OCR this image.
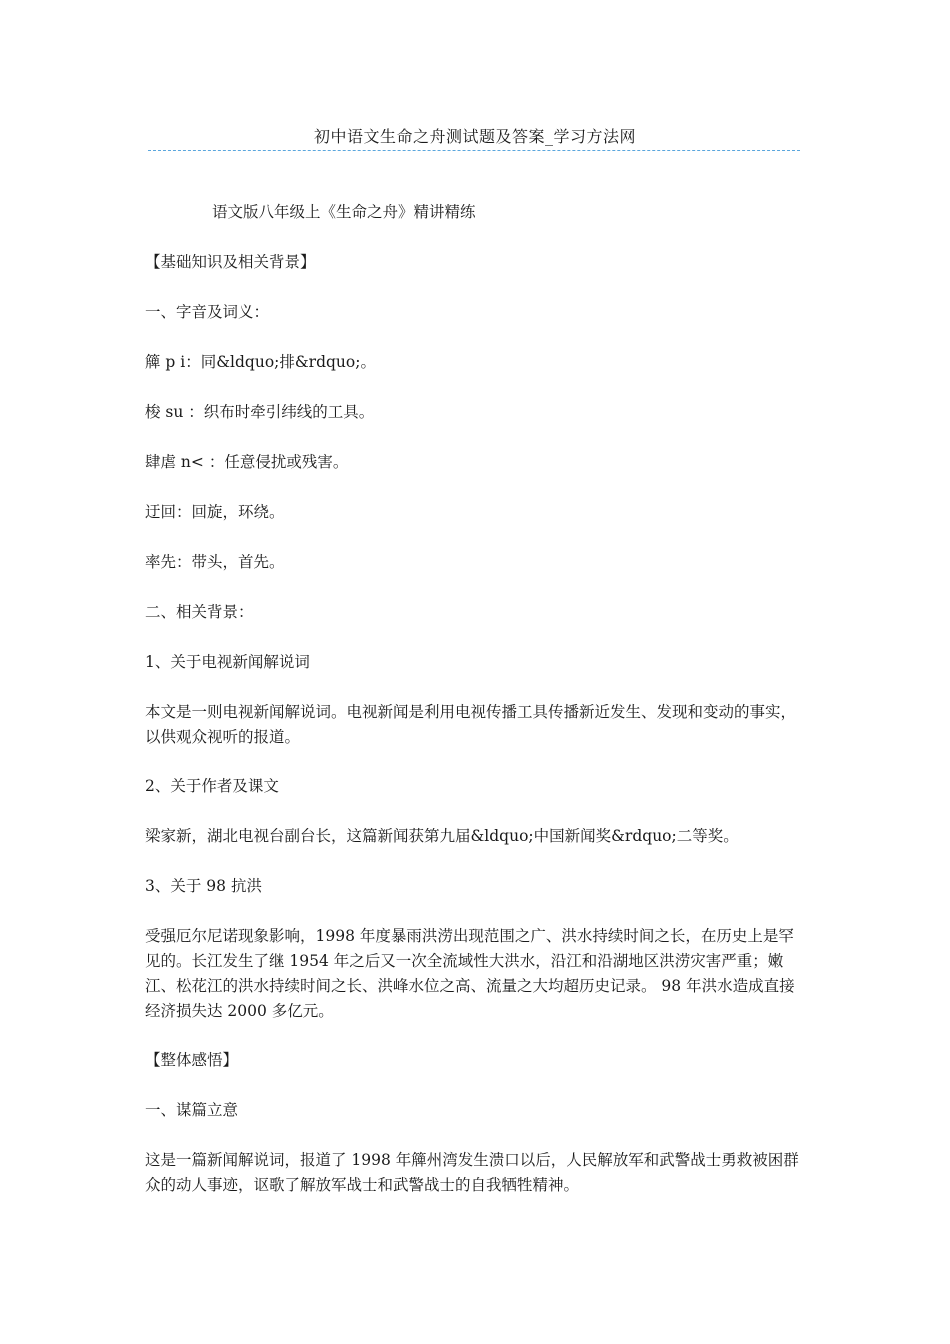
初中语文生命之舟测试题及答案_学习方法网

语文版八年级上《生命之舟》精讲精练

【基础知识及相关背景】

一、字音及词义：

簰 p i：同&ldquo;排&rdquo;。

梭 su ：织布时牵引纬线的工具。

肆虐 n< ：任意侵扰或残害。

迂回：回旋，环绕。

率先：带头，首先。

二、相关背景：

1、关于电视新闻解说词

本文是一则电视新闻解说词。电视新闻是利用电视传播工具传播新近发生、发现和变动的事实，以供观众视听的报道。

2、关于作者及课文

梁家新，湖北电视台副台长，这篇新闻获第九届&ldquo;中国新闻奖&rdquo;二等奖。

3、关于 98 抗洪

受强厄尔尼诺现象影响，1998 年度暴雨洪涝出现范围之广、洪水持续时间之长，在历史上是罕见的。长江发生了继 1954 年之后又一次全流域性大洪水，沿江和沿湖地区洪涝灾害严重；嫩江、松花江的洪水持续时间之长、洪峰水位之高、流量之大均超历史记录。 98 年洪水造成直接经济损失达 2000 多亿元。

【整体感悟】

一、谋篇立意

这是一篇新闻解说词，报道了 1998 年簰州湾发生溃口以后，人民解放军和武警战士勇救被困群众的动人事迹，讴歌了解放军战士和武警战士的自我牺牲精神。
